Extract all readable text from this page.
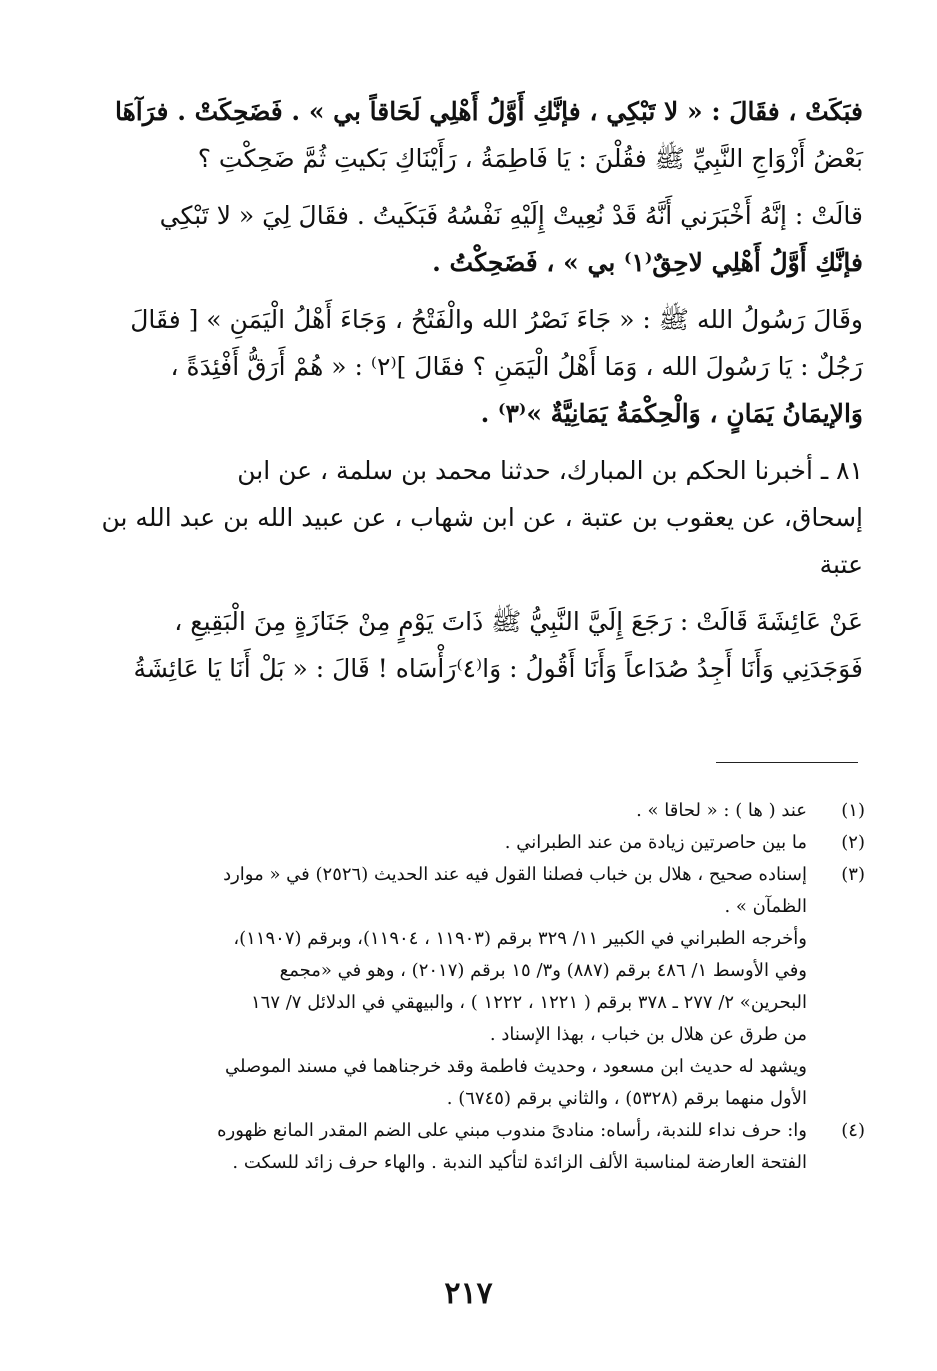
فبَكَتْ ، فقَالَ : « لا تَبْكِي ، فإنَّكِ أَوَّلُ أَهْلِي لَحَاقاً بي » . فَضَحِكَتْ . فرَآهَا
بَعْضُ أَزْوَاجِ النَّبِيِّ ﷺ فقُلْنَ : يَا فَاطِمَةُ ، رَأَيْنَاكِ بَكيتِ ثُمَّ ضَحِكْتِ ؟

قالَتْ : إنَّهُ أَخْبَرَني أَنَّهُ قَدْ نُعِيتْ إِلَيْهِ نَفْسُهُ فَبَكَيتُ . فقَالَ لِيَ « لا تَبْكِي
فإنَّكِ أَوَّلُ أَهْلِي لاحِقٌ⁽١⁾ بي » ، فَضَحِكْتُ .

وقَالَ رَسُولُ الله ﷺ : « جَاءَ نَصْرُ الله والْفَتْحُ ، وَجَاءَ أَهْلُ الْيَمَنِ » [ فقَالَ
رَجُلٌ : يَا رَسُولَ الله ، وَمَا أَهْلُ الْيَمَنِ ؟ فقَالَ ]⁽٢⁾ : « هُمْ أَرَقُّ أَفْئِدَةً ،
وَالإيمَانُ يَمَانٍ ، وَالْحِكْمَةُ يَمَانِيَّةٌ »⁽٣⁾ .

٨١ ـ أخبرنا الحكم بن المبارك، حدثنا محمد بن سلمة ، عن ابن
إسحاق، عن يعقوب بن عتبة ، عن ابن شهاب ، عن عبيد الله بن عبد الله بن
عتبة

عَنْ عَائِشَةَ قَالَتْ : رَجَعَ إِلَيَّ النَّبِيُّ ﷺ ذَاتَ يَوْمٍ مِنْ جَنَازَةٍ مِنَ الْبَقِيعِ ،
فَوَجَدَنِي وَأَنَا أَجِدُ صُدَاعاً وَأَنَا أَقُولُ : وَا⁽٤⁾رَأْسَاه ! قَالَ : « بَلْ أَنَا يَا عَائِشَةُ

(١)
عند ( ها ) : « لحاقا » .
(٢)
ما بين حاصرتين زيادة من عند الطبراني .
(٣)
إسناده صحيح ، هلال بن خباب فصلنا القول فيه عند الحديث (٢٥٢٦) في « موارد
الظمآن » .
وأخرجه الطبراني في الكبير ١١/ ٣٢٩ برقم (١١٩٠٣ ، ١١٩٠٤)، وبرقم (١١٩٠٧)،
وفي الأوسط ١/ ٤٨٦ برقم (٨٨٧) و٣/ ١٥ برقم (٢٠١٧) ، وهو في «مجمع
البحرين» ٢/ ٢٧٧ ـ ٣٧٨ برقم ( ١٢٢١ ، ١٢٢٢ ) ، والبيهقي في الدلائل ٧/ ١٦٧
من طرق عن هلال بن خباب ، بهذا الإسناد .
ويشهد له حديث ابن مسعود ، وحديث فاطمة وقد خرجناهما في مسند الموصلي
الأول منهما برقم (٥٣٢٨) ، والثاني برقم (٦٧٤٥) .
(٤)
وا: حرف نداء للندبة، رأساه: منادىً مندوب مبني على الضم المقدر المانع ظهوره
الفتحة العارضة لمناسبة الألف الزائدة لتأكيد الندبة . والهاء حرف زائد للسكت .
٢١٧
